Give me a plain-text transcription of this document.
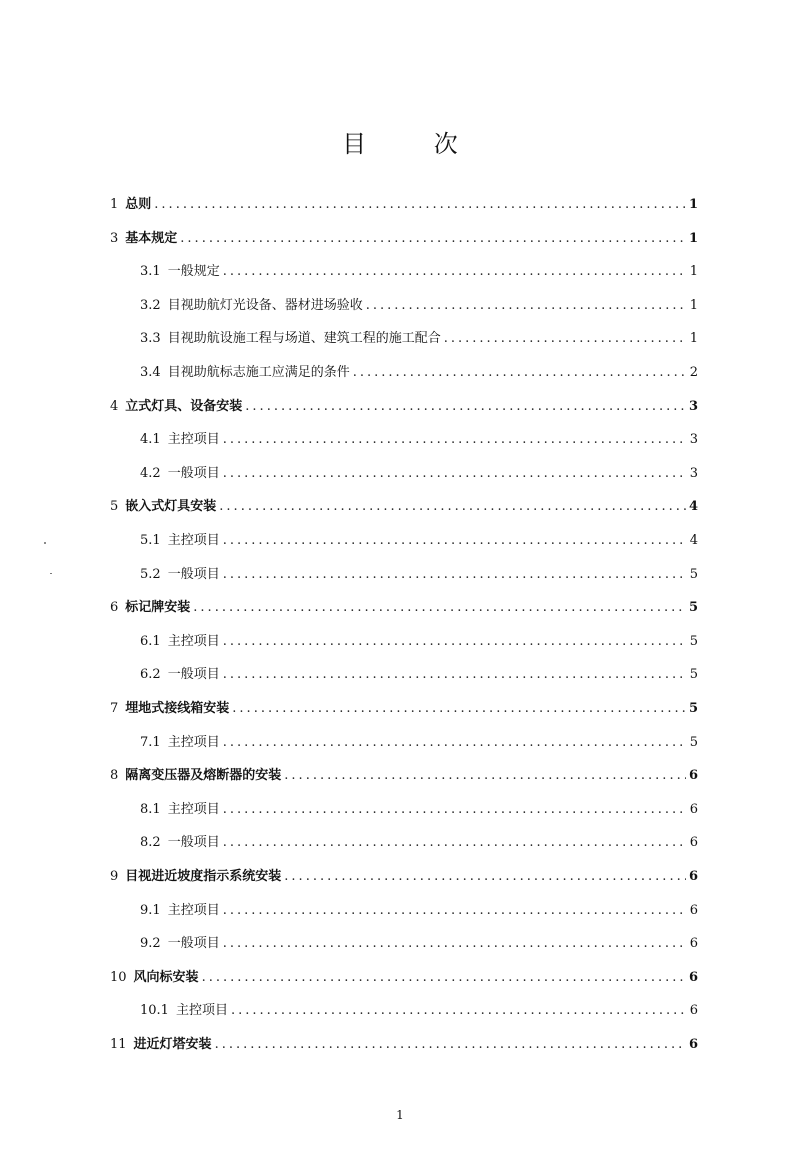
目 次
1 总则 .....	1
3 基本规定 .....	1
3.1 一般规定 .....	1
3.2 目视助航灯光设备、器材进场验收 .....	1
3.3 目视助航设施工程与场道、建筑工程的施工配合 .....	1
3.4 目视助航标志施工应满足的条件 .....	2
4 立式灯具、设备安装 .....	3
4.1 主控项目 .....	3
4.2 一般项目 .....	3
5 嵌入式灯具安装 .....	4
5.1 主控项目 .....	4
5.2 一般项目 .....	5
6 标记牌安装 .....	5
6.1 主控项目 .....	5
6.2 一般项目 .....	5
7 埋地式接线箱安装 .....	5
7.1 主控项目 .....	5
8 隔离变压器及熔断器的安装 .....	6
8.1 主控项目 .....	6
8.2 一般项目 .....	6
9 目视进近坡度指示系统安装 .....	6
9.1 主控项目 .....	6
9.2 一般项目 .....	6
10 风向标安装 .....	6
10.1 主控项目 .....	6
11 进近灯塔安装 .....	6
1
